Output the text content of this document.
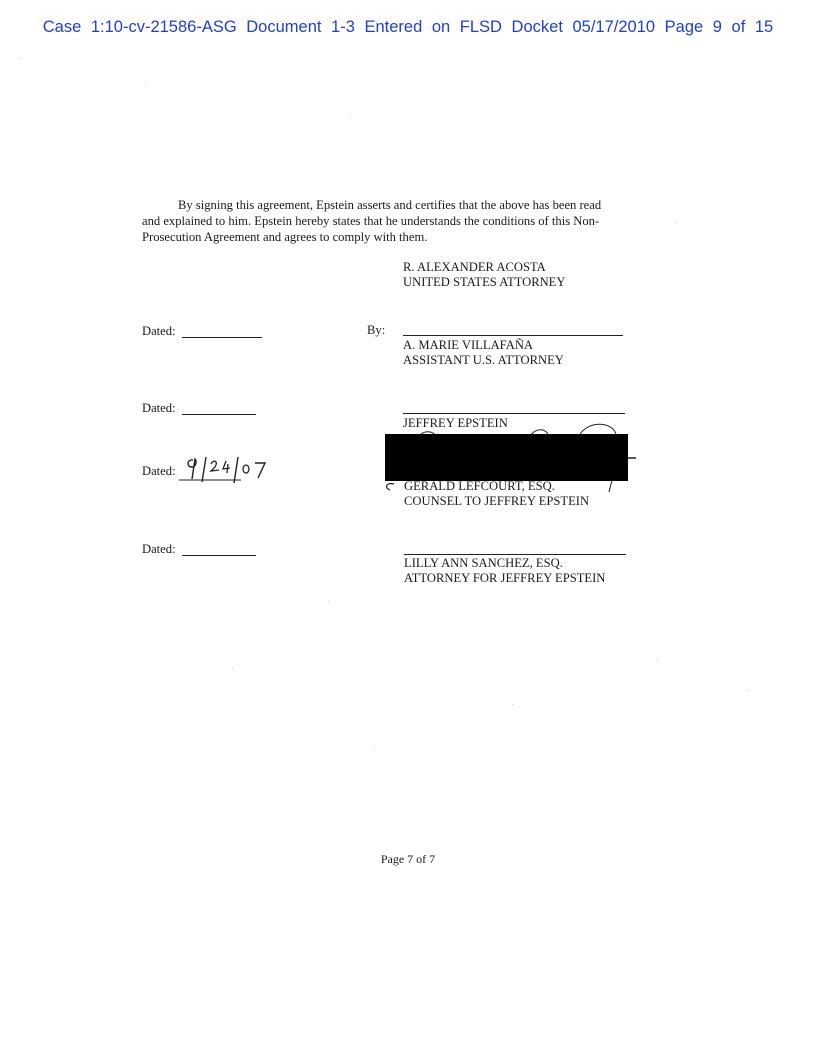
Case 1:10-cv-21586-ASG Document 1-3 Entered on FLSD Docket 05/17/2010 Page 9 of 15
By signing this agreement, Epstein asserts and certifies that the above has been read
and explained to him. Epstein hereby states that he understands the conditions of this Non-
Prosecution Agreement and agrees to comply with them.
R. ALEXANDER ACOSTA
UNITED STATES ATTORNEY
Dated:	By:
A. MARIE VILLAFAÑA
ASSISTANT U.S. ATTORNEY
Dated:
JEFFREY EPSTEIN
Dated:
GERALD LEFCOURT, ESQ.
COUNSEL TO JEFFREY EPSTEIN
Dated:
LILLY ANN SANCHEZ, ESQ.
ATTORNEY FOR JEFFREY EPSTEIN
Page 7 of 7
